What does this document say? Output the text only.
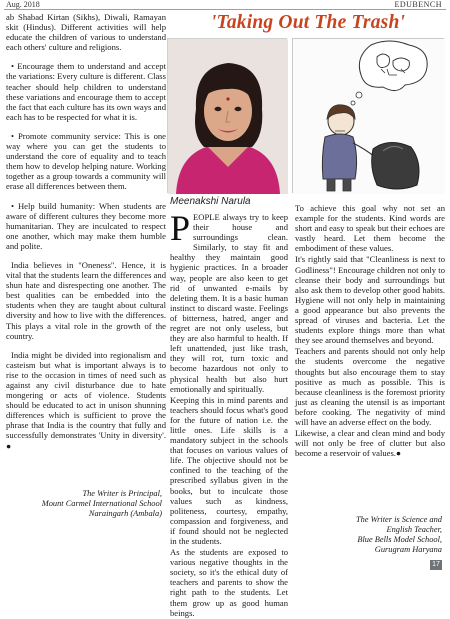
Aug. 2018	EDUBENCH

ab Shabad Kirtan (Sikhs), Diwali, Ramayan skit (Hindus). Different activities will help educate the children of various to understand each others' culture and religions.

• Encourage them to understand and accept the variations: Every culture is different. Class teacher should help children to understand these variations and encourage them to accept the fact that each culture has its own ways and each has to be respected for what it is.

• Promote community service: This is one way where you can get the students to understand the core of equality and to teach them how to develop helping nature. Working together as a group towards a community will erase all differences between them.

• Help build humanity: When students are aware of different cultures they become more humanitarian. They are inculcated to respect one another, which may make them humble and polite.

India believes in "Oneness". Hence, it is vital that the students learn the differences and shun hate and disrespecting one another. The best qualities can be embedded into the students when they are taught about cultural diversity and how to live with the differences. This plays a vital role in the growth of the country.

India might be divided into regionalism and casteism but what is important always is to rise to the occasion in times of need such as against any civil disturbance due to hate mongering or acts of violence. Students should be educated to act in unison shunning differences which is sufficient to prove the phrase that India is the country that fully and successfully demonstrates 'Unity in diversity'. ●

The Writer is Principal,
Mount Carmel International School
Naraingarh (Ambala)
'Taking Out The Trash'
Meenakshi Narula

PEOPLE always try to keep their house and surroundings clean. Similarly, to stay fit and healthy they maintain good hygienic practices. In a broader way, people are also keen to get rid of unwanted e-mails by deleting them. It is a basic human instinct to discard waste. Feelings of bitterness, hatred, anger and regret are not only useless, but they are also harmful to health. If left unattended, just like trash, they will rot, turn toxic and become hazardous not only to physical health but also hurt emotionally and spiritually.

Keeping this in mind parents and teachers should focus what's good for the future of nation i.e. the little ones. Life skills is a mandatory subject in the schools that focuses on various values of life. The objective should not be confined to the teaching of the prescribed syllabus given in the books, but to inculcate those values such as kindness, politeness, courtesy, empathy, compassion and forgiveness, and if found should not be neglected in the students.

As the students are exposed to various negative thoughts in the society, so it's the ethical duty of teachers and parents to show the right path to the students. Let them grow up as good human beings.

To achieve this goal why not set an example for the students. Kind words are short and easy to speak but their echoes are vastly heard. Let them become the embodiment of these values.

It's rightly said that "Cleanliness is next to Godliness"! Encourage children not only to cleanse their body and surroundings but also ask them to develop other good habits. Hygiene will not only help in maintaining a good appearance but also prevents the spread of viruses and bacteria. Let the students explore things more than what they see around themselves and beyond.

Teachers and parents should not only help the students overcome the negative thoughts but also encourage them to stay positive as much as possible. This is because cleanliness is the foremost priority just as cleaning the utensil is as important before cooking. The negativity of mind will have an adverse effect on the body.

Likewise, a clear and clean mind and body will not only be free of clutter but also become a reservoir of values.●

The Writer is Science and
English Teacher,
Blue Bells Model School,
Gurugram Haryana
17
